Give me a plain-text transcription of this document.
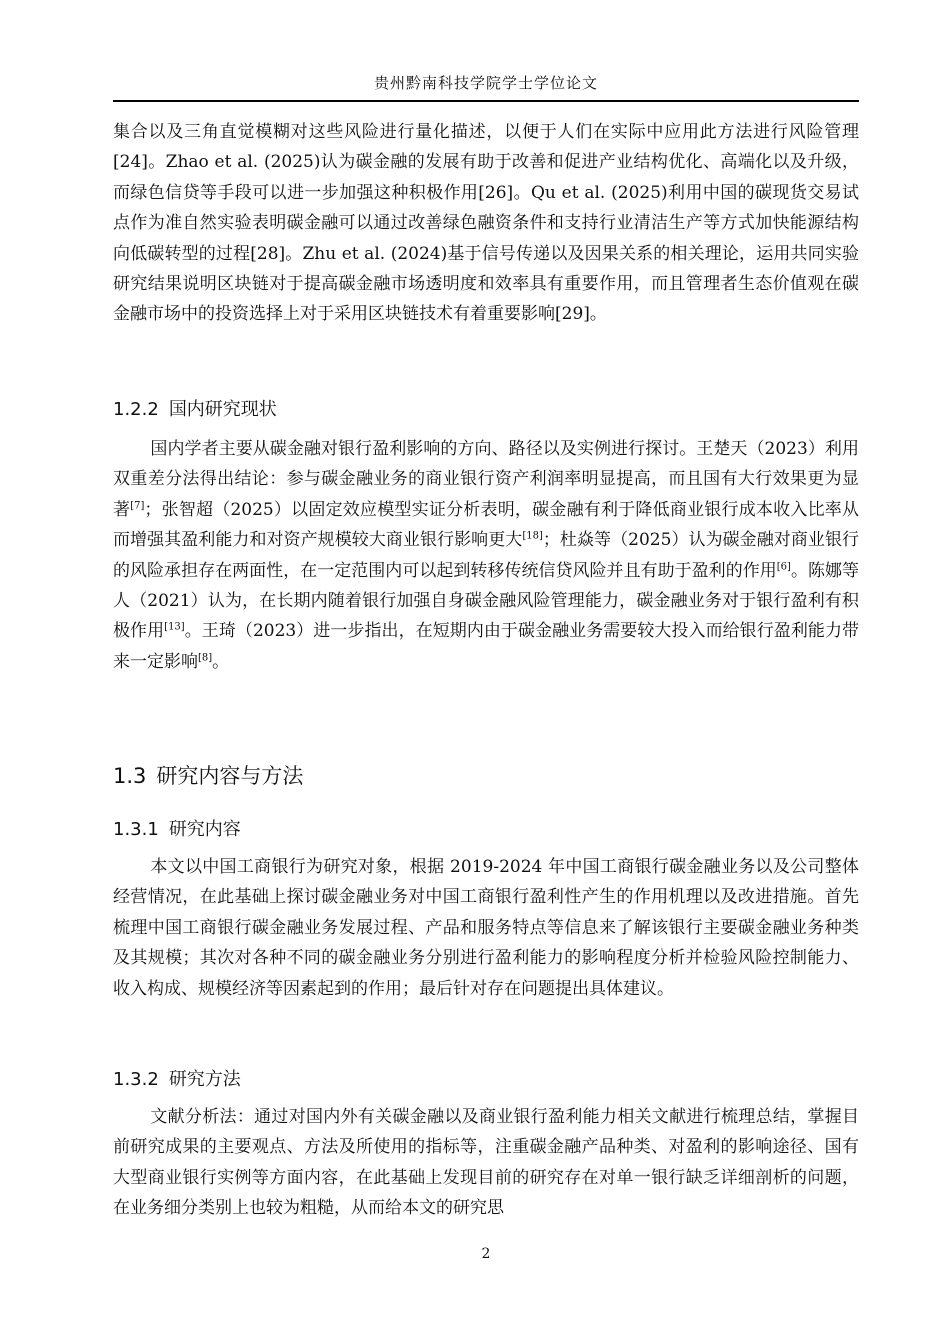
贵州黔南科技学院学士学位论文
集合以及三角直觉模糊对这些风险进行量化描述，以便于人们在实际中应用此方法进行风险管理[24]。Zhao et al. (2025)认为碳金融的发展有助于改善和促进产业结构优化、高端化以及升级，而绿色信贷等手段可以进一步加强这种积极作用[26]。Qu et al. (2025)利用中国的碳现货交易试点作为准自然实验表明碳金融可以通过改善绿色融资条件和支持行业清洁生产等方式加快能源结构向低碳转型的过程[28]。Zhu et al. (2024)基于信号传递以及因果关系的相关理论，运用共同实验研究结果说明区块链对于提高碳金融市场透明度和效率具有重要作用，而且管理者生态价值观在碳金融市场中的投资选择上对于采用区块链技术有着重要影响[29]。
1.2.2 国内研究现状
国内学者主要从碳金融对银行盈利影响的方向、路径以及实例进行探讨。王楚天（2023）利用双重差分法得出结论：参与碳金融业务的商业银行资产利润率明显提高，而且国有大行效果更为显著[7]；张智超（2025）以固定效应模型实证分析表明，碳金融有利于降低商业银行成本收入比率从而增强其盈利能力和对资产规模较大商业银行影响更大[18]；杜焱等（2025）认为碳金融对商业银行的风险承担存在两面性，在一定范围内可以起到转移传统信贷风险并且有助于盈利的作用[6]。陈娜等人（2021）认为，在长期内随着银行加强自身碳金融风险管理能力，碳金融业务对于银行盈利有积极作用[13]。王琦（2023）进一步指出，在短期内由于碳金融业务需要较大投入而给银行盈利能力带来一定影响[8]。
1.3 研究内容与方法
1.3.1 研究内容
本文以中国工商银行为研究对象，根据 2019-2024 年中国工商银行碳金融业务以及公司整体经营情况，在此基础上探讨碳金融业务对中国工商银行盈利性产生的作用机理以及改进措施。首先梳理中国工商银行碳金融业务发展过程、产品和服务特点等信息来了解该银行主要碳金融业务种类及其规模；其次对各种不同的碳金融业务分别进行盈利能力的影响程度分析并检验风险控制能力、收入构成、规模经济等因素起到的作用；最后针对存在问题提出具体建议。
1.3.2 研究方法
文献分析法：通过对国内外有关碳金融以及商业银行盈利能力相关文献进行梳理总结，掌握目前研究成果的主要观点、方法及所使用的指标等，注重碳金融产品种类、对盈利的影响途径、国有大型商业银行实例等方面内容，在此基础上发现目前的研究存在对单一银行缺乏详细剖析的问题，在业务细分类别上也较为粗糙，从而给本文的研究思
2
